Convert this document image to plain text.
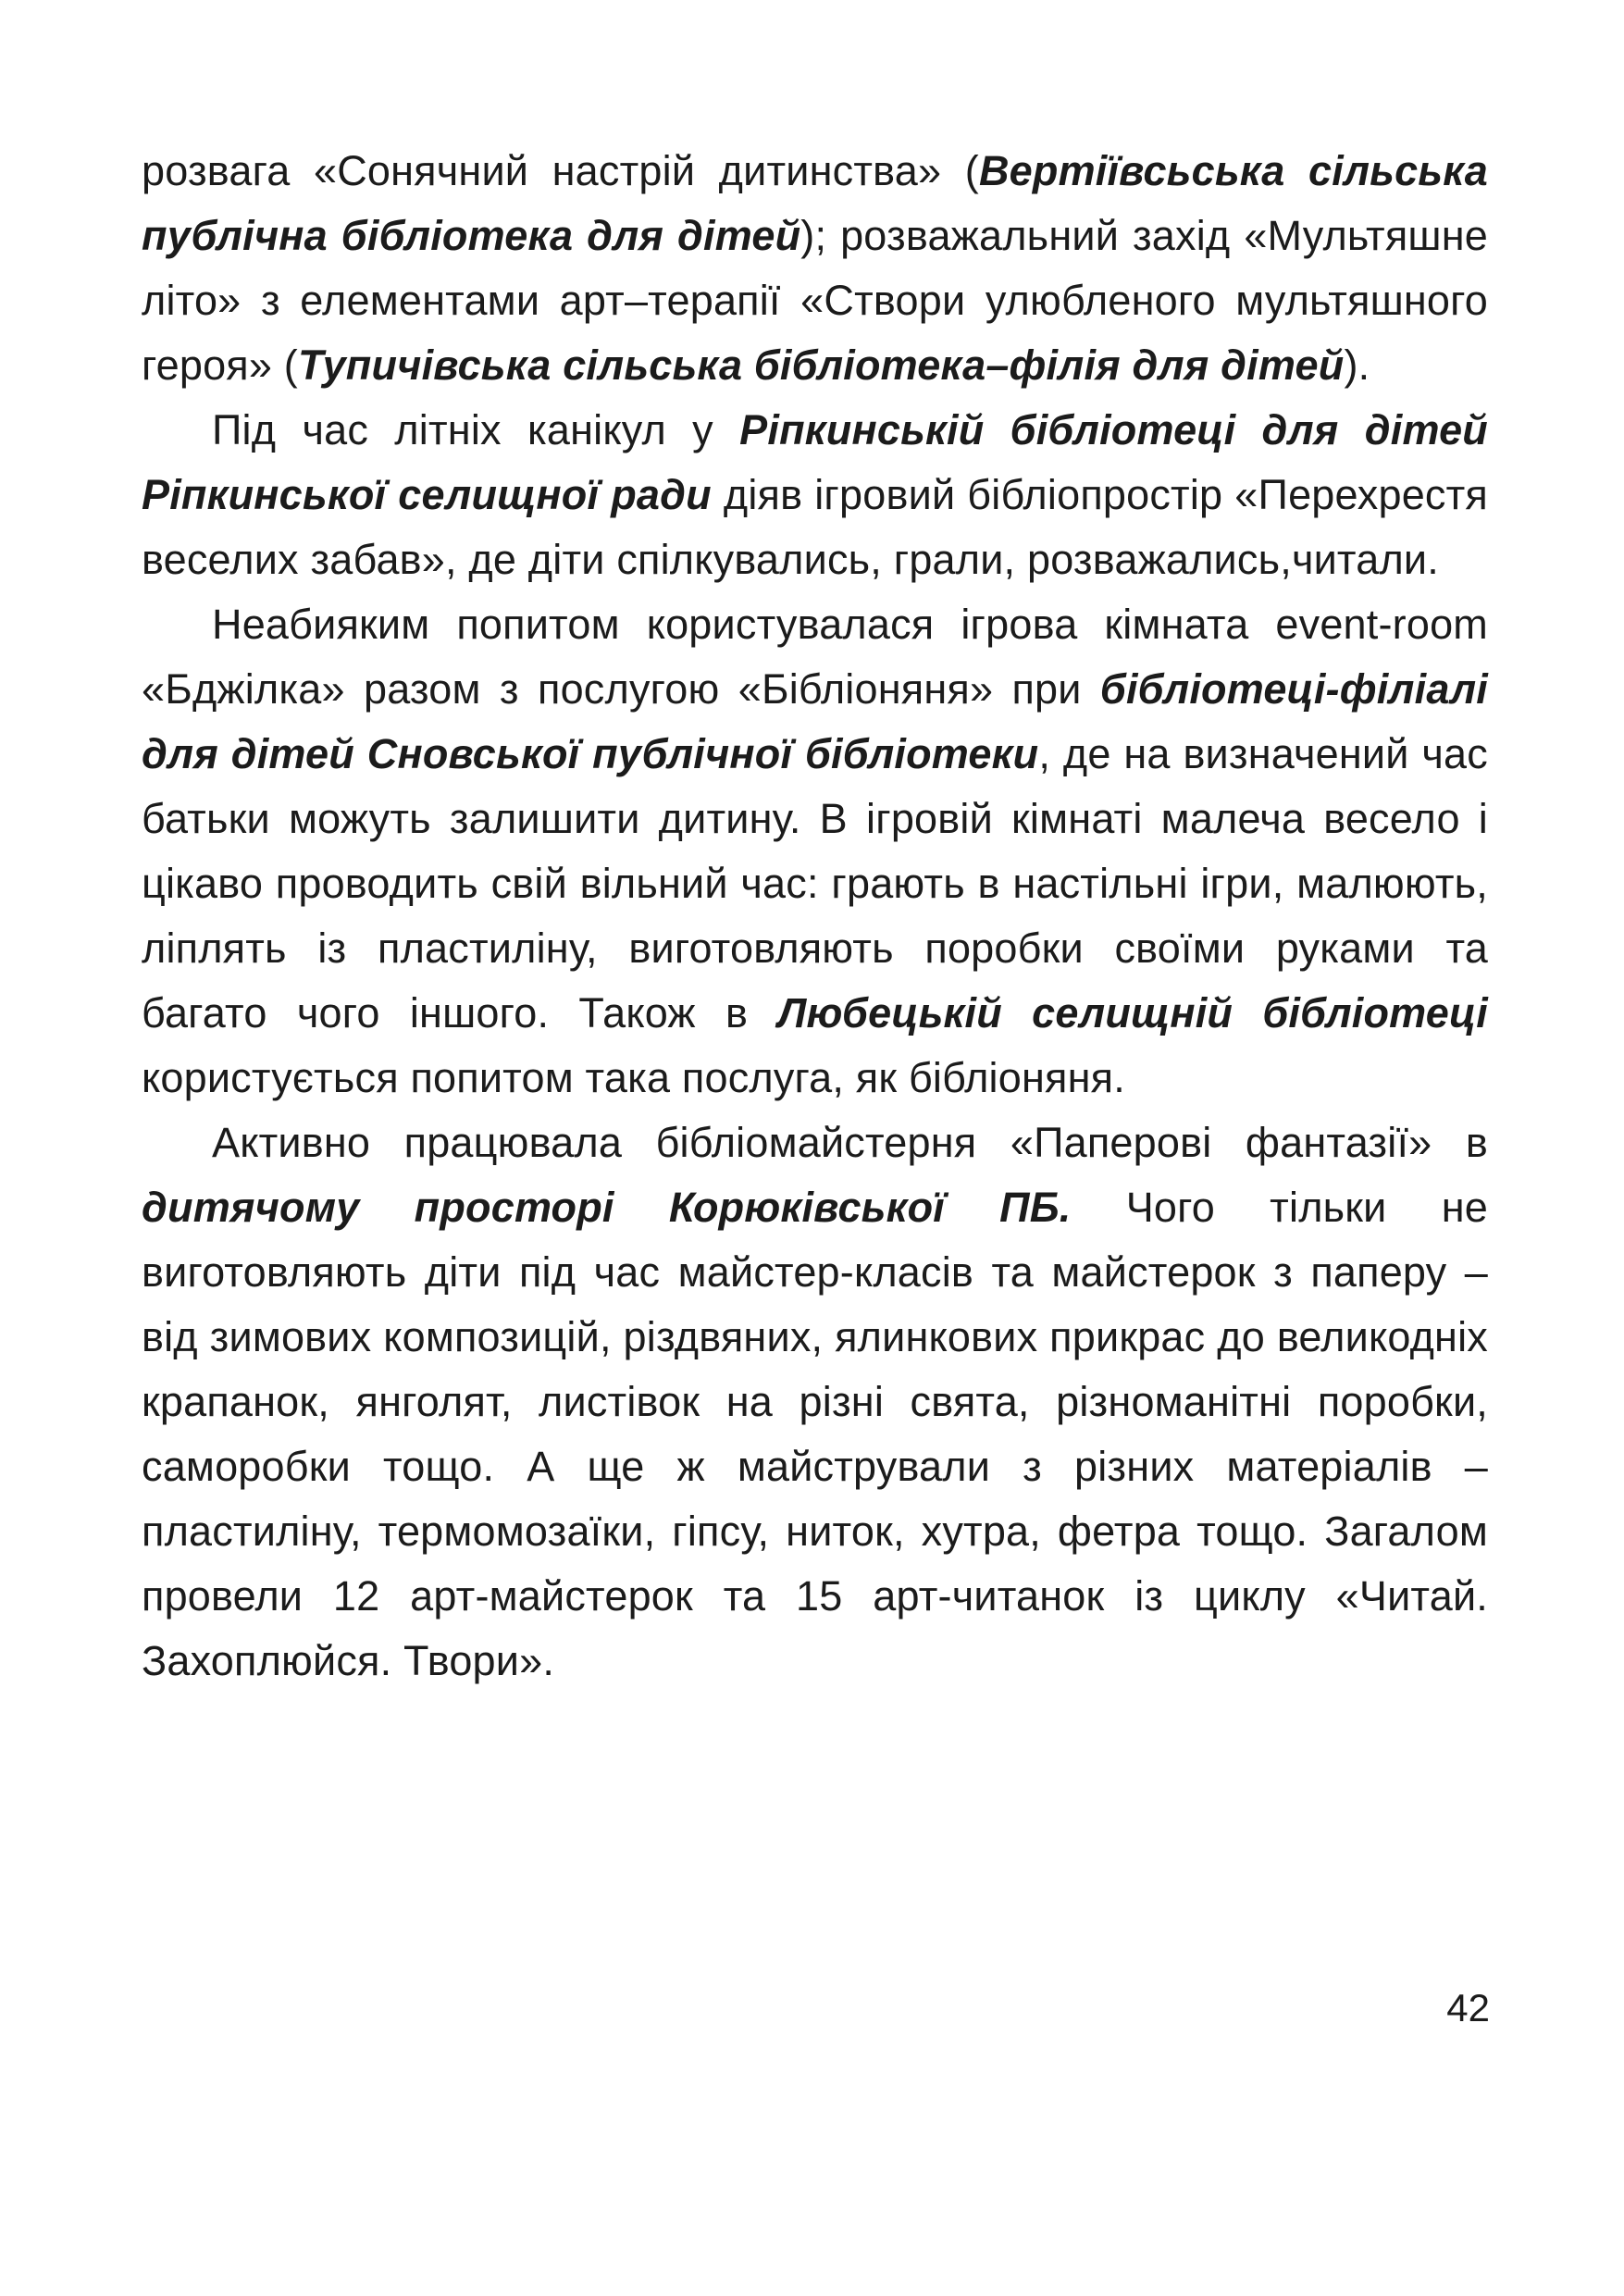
розвага «Сонячний настрій дитинства» (Вертіївсьська сільська публічна бібліотека для дітей); розважальний захід «Мультяшне літо» з елементами арт–терапії «Створи улюбленого мультяшного героя» (Тупичівська сільська бібліотека–філія для дітей).

Під час літніх канікул у Ріпкинській бібліотеці для дітей Ріпкинської селищної ради діяв ігровий бібліопростір «Перехрестя веселих забав», де діти спілкувались, грали, розважались,читали.

Неабияким попитом користувалася ігрова кімната event-room «Бджілка» разом з послугою «Бібліоняня» при бібліотеці-філіалі для дітей Сновської публічної бібліотеки, де на визначений час батьки можуть залишити дитину. В ігровій кімнаті малеча весело і цікаво проводить свій вільний час: грають в настільні ігри, малюють, ліплять із пластиліну, виготовляють поробки своїми руками та багато чого іншого. Також в Любецькій селищній бібліотеці користується попитом така послуга, як бібліоняня.

Активно працювала бібліомайстерня «Паперові фантазії» в дитячому просторі Корюківської ПБ. Чого тільки не виготовляють діти під час майстер-класів та майстерок з паперу – від зимових композицій, різдвяних, ялинкових прикрас до великодніх крапанок, янголят, листівок на різні свята, різноманітні поробки, саморобки тощо. А ще ж майстрували з різних матеріалів – пластиліну, термомозаїки, гіпсу, ниток, хутра, фетра тощо. Загалом провели 12 арт-майстерок та 15 арт-читанок із циклу «Читай. Захоплюйся. Твори».

42
